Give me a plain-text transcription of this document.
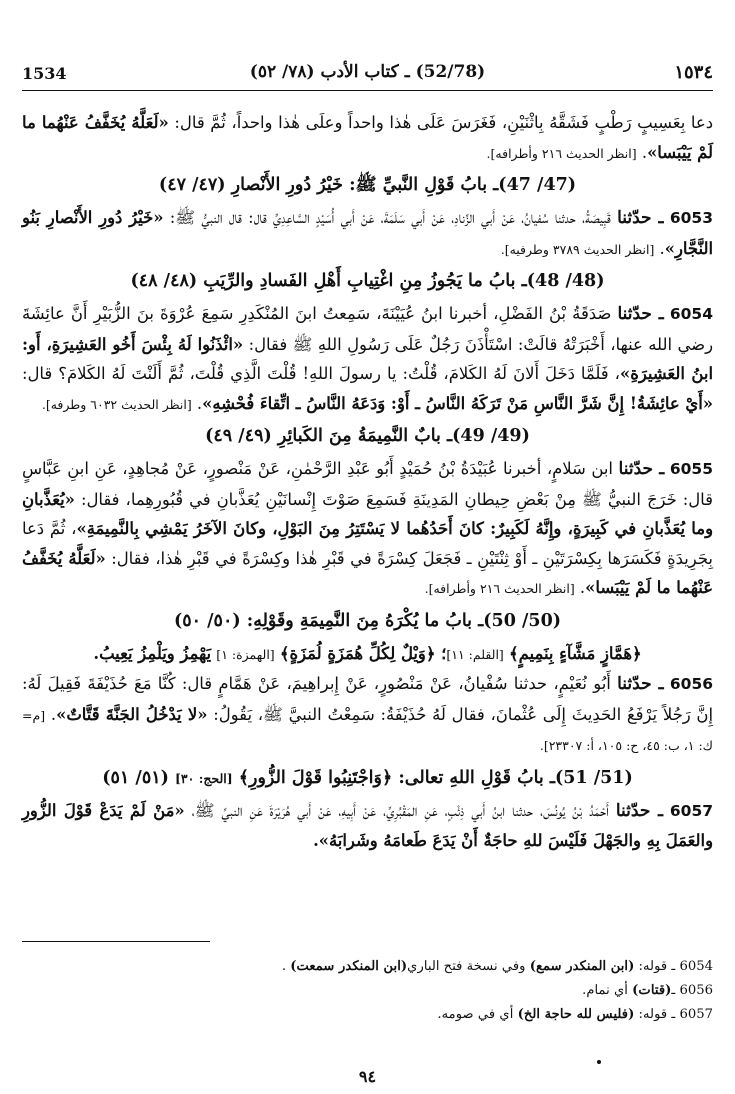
1534	(52/78) ـ كتاب الأدب (٧٨/ ٥٢)	١٥٣٤

دعا بِعَسِيبٍ رَطْبٍ فَشَقَّهُ بِاثْنَيْنِ، فَغَرَسَ عَلَى هٰذا واحداً وعلَى هٰذا واحداً، ثُمَّ قال: «لَعَلَّهُ يُخَفَّفُ عَنْهُما ما لَمْ يَيْبَسا». [انظر الحديث ٢١٦ وأطرافه].

(47/ 47)ـ بابُ قَوْلِ النَّبيِّ ﷺ: خَيْرُ دُورِ الأَنْصارِ (٤٧/ ٤٧)

6053 ـ حدّثنا قَبِيصَةُ، حدثنا سُفيانُ، عَنْ أَبي الزِّنادِ، عَنْ أَبي سَلَمَةَ، عَنْ أَبي أُسَيْدٍ السَّاعِدِيِّ قال: قال النبيُّ ﷺ: «خَيْرُ دُورِ الأَنْصارِ بَنُو النَّجَّارِ». [انظر الحديث ٣٧٨٩ وطرفيه].

(48/ 48)ـ بابُ ما يَجُوزُ مِنِ اغْتِيابِ أَهْلِ الفَسادِ والرِّيَبِ (٤٨/ ٤٨)

6054 ـ حدّثنا صَدَقَةُ بْنُ الفَضْلِ، أخبرنا ابنُ عُيَيْنَةَ، سَمِعتُ ابنَ المُنْكَدِرِ سَمِعَ عُرْوَةَ بنَ الزُّبَيْرِ أَنَّ عائِشَةَ رضي الله عنها، أَخْبَرَتْهُ قالَتْ: اسْتَأْذَنَ رَجُلٌ عَلَى رَسُولِ اللهِ ﷺ فقال: «ائْذَنُوا لَهُ بِئْسَ أَخُو العَشِيرَةِ، أَو: ابنُ العَشِيرَةِ»، فَلَمَّا دَخَلَ أَلانَ لَهُ الكَلامَ، قُلْتُ: يا رسولَ اللهِ! قُلْتَ الَّذِي قُلْتَ، ثُمَّ أَلَنْتَ لَهُ الكَلامَ؟ قال: «أَيْ عائِشَةُ! إِنَّ شَرَّ النَّاسِ مَنْ تَرَكَهُ النَّاسُ ـ أَوْ: وَدَعَهُ النَّاسُ ـ اتِّقاءَ فُحْشِهِ». [انظر الحديث ٦٠٣٢ وطرفه].

(49/ 49)ـ بابٌ النَّمِيمَةُ مِنَ الكَبائِرِ (٤٩/ ٤٩)

6055 ـ حدّثنا ابن سَلامٍ، أخبرنا عُبَيْدَةُ بْنُ حُمَيْدٍ أَبُو عَبْدِ الرَّحْمٰنِ، عَنْ مَنْصورٍ، عَنْ مُجاهِدٍ، عَنِ ابنِ عَبَّاسٍ قال: خَرَجَ النبيُّ ﷺ مِنْ بَعْضِ حِيطانِ المَدِينَةِ فَسَمِعَ صَوْتَ إِنْسانَيْنِ يُعَذَّبانِ في قُبُورِهِما، فقال: «يُعَذَّبانِ وما يُعَذَّبانِ في كَبِيرَةٍ، وإِنَّهُ لَكَبِيرٌ: كانَ أَحَدُهُما لا يَسْتَتِرُ مِنَ البَوْلِ، وكانَ الآخَرُ يَمْشِي بِالنَّمِيمَةِ»، ثُمَّ دَعا بِجَرِيدَةٍ فَكَسَرَها بِكِسْرَتَيْنِ ـ أَوْ ثِنْتَيْنِ ـ فَجَعَلَ كِسْرَةً في قَبْرِ هٰذا وكِسْرَةً في قَبْرِ هٰذا، فقال: «لَعَلَّهُ يُخَفَّفُ عَنْهُما ما لَمْ يَيْبَسا». [انظر الحديث ٢١٦ وأطرافه].

(50/ 50)ـ بابُ ما يُكْرَهُ مِنَ النَّمِيمَةِ وقَوْلِهِ: (٥٠/ ٥٠)

﴿هَمَّازٍ مَشَّآءٍ بِنَمِيمٍ﴾ [القلم: ١١]؛ ﴿وَيْلٌ لِكُلِّ هُمَزَةٍ لُمَزَةٍ﴾ [الهمزة: ١] يَهْمِزُ ويَلْمِزُ يَعِيبُ.

6056 ـ حدّثنا أَبُو نُعَيْمٍ، حدثنا سُفْيانُ، عَنْ مَنْصُورٍ، عَنْ إِبراهِيمَ، عَنْ هَمَّامٍ قال: كُنَّا مَعَ حُذَيْفَةَ فَقِيلَ لَهُ: إِنَّ رَجُلاً يَرْفَعُ الحَدِيثَ إِلَى عُثْمانَ، فقال لَهُ حُذَيْفَةُ: سَمِعْتُ النبيَّ ﷺ، يَقُولُ: «لا يَدْخُلُ الجَنَّةَ قَتَّاتٌ». [م= ك: ١، ب: ٤٥، ح: ١٠٥، أ: ٢٣٣٠٧].

(51/ 51)ـ بابُ قَوْلِ اللهِ تعالى: ﴿وَاجْتَنِبُوا قَوْلَ الزُّورِ﴾ [الحج: ٣٠] (٥١/ ٥١)

6057 ـ حدّثنا أَحْمَدُ بْنُ يُونُسَ، حدثنا ابنُ أَبي ذِئْبٍ، عَنِ المَقْبُرِيِّ، عَنْ أَبِيهِ، عَنْ أَبي هُرَيْرَةَ عَنِ النبيِّ ﷺ، «مَنْ لَمْ يَدَعْ قَوْلَ الزُّورِ والعَمَلَ بِهِ والجَهْلَ فَلَيْسَ للهِ حاجَةٌ أَنْ يَدَعَ طَعامَهُ وشَرابَهُ».

6054 ـ قوله: (ابن المنكدر سمع) وفي نسخة فتح الباري(ابن المنكدر سمعت) .

6056 ـ(قتات) أي نمام.

6057 ـ قوله: (فليس لله حاجة الخ) أي في صومه.

٩٤
